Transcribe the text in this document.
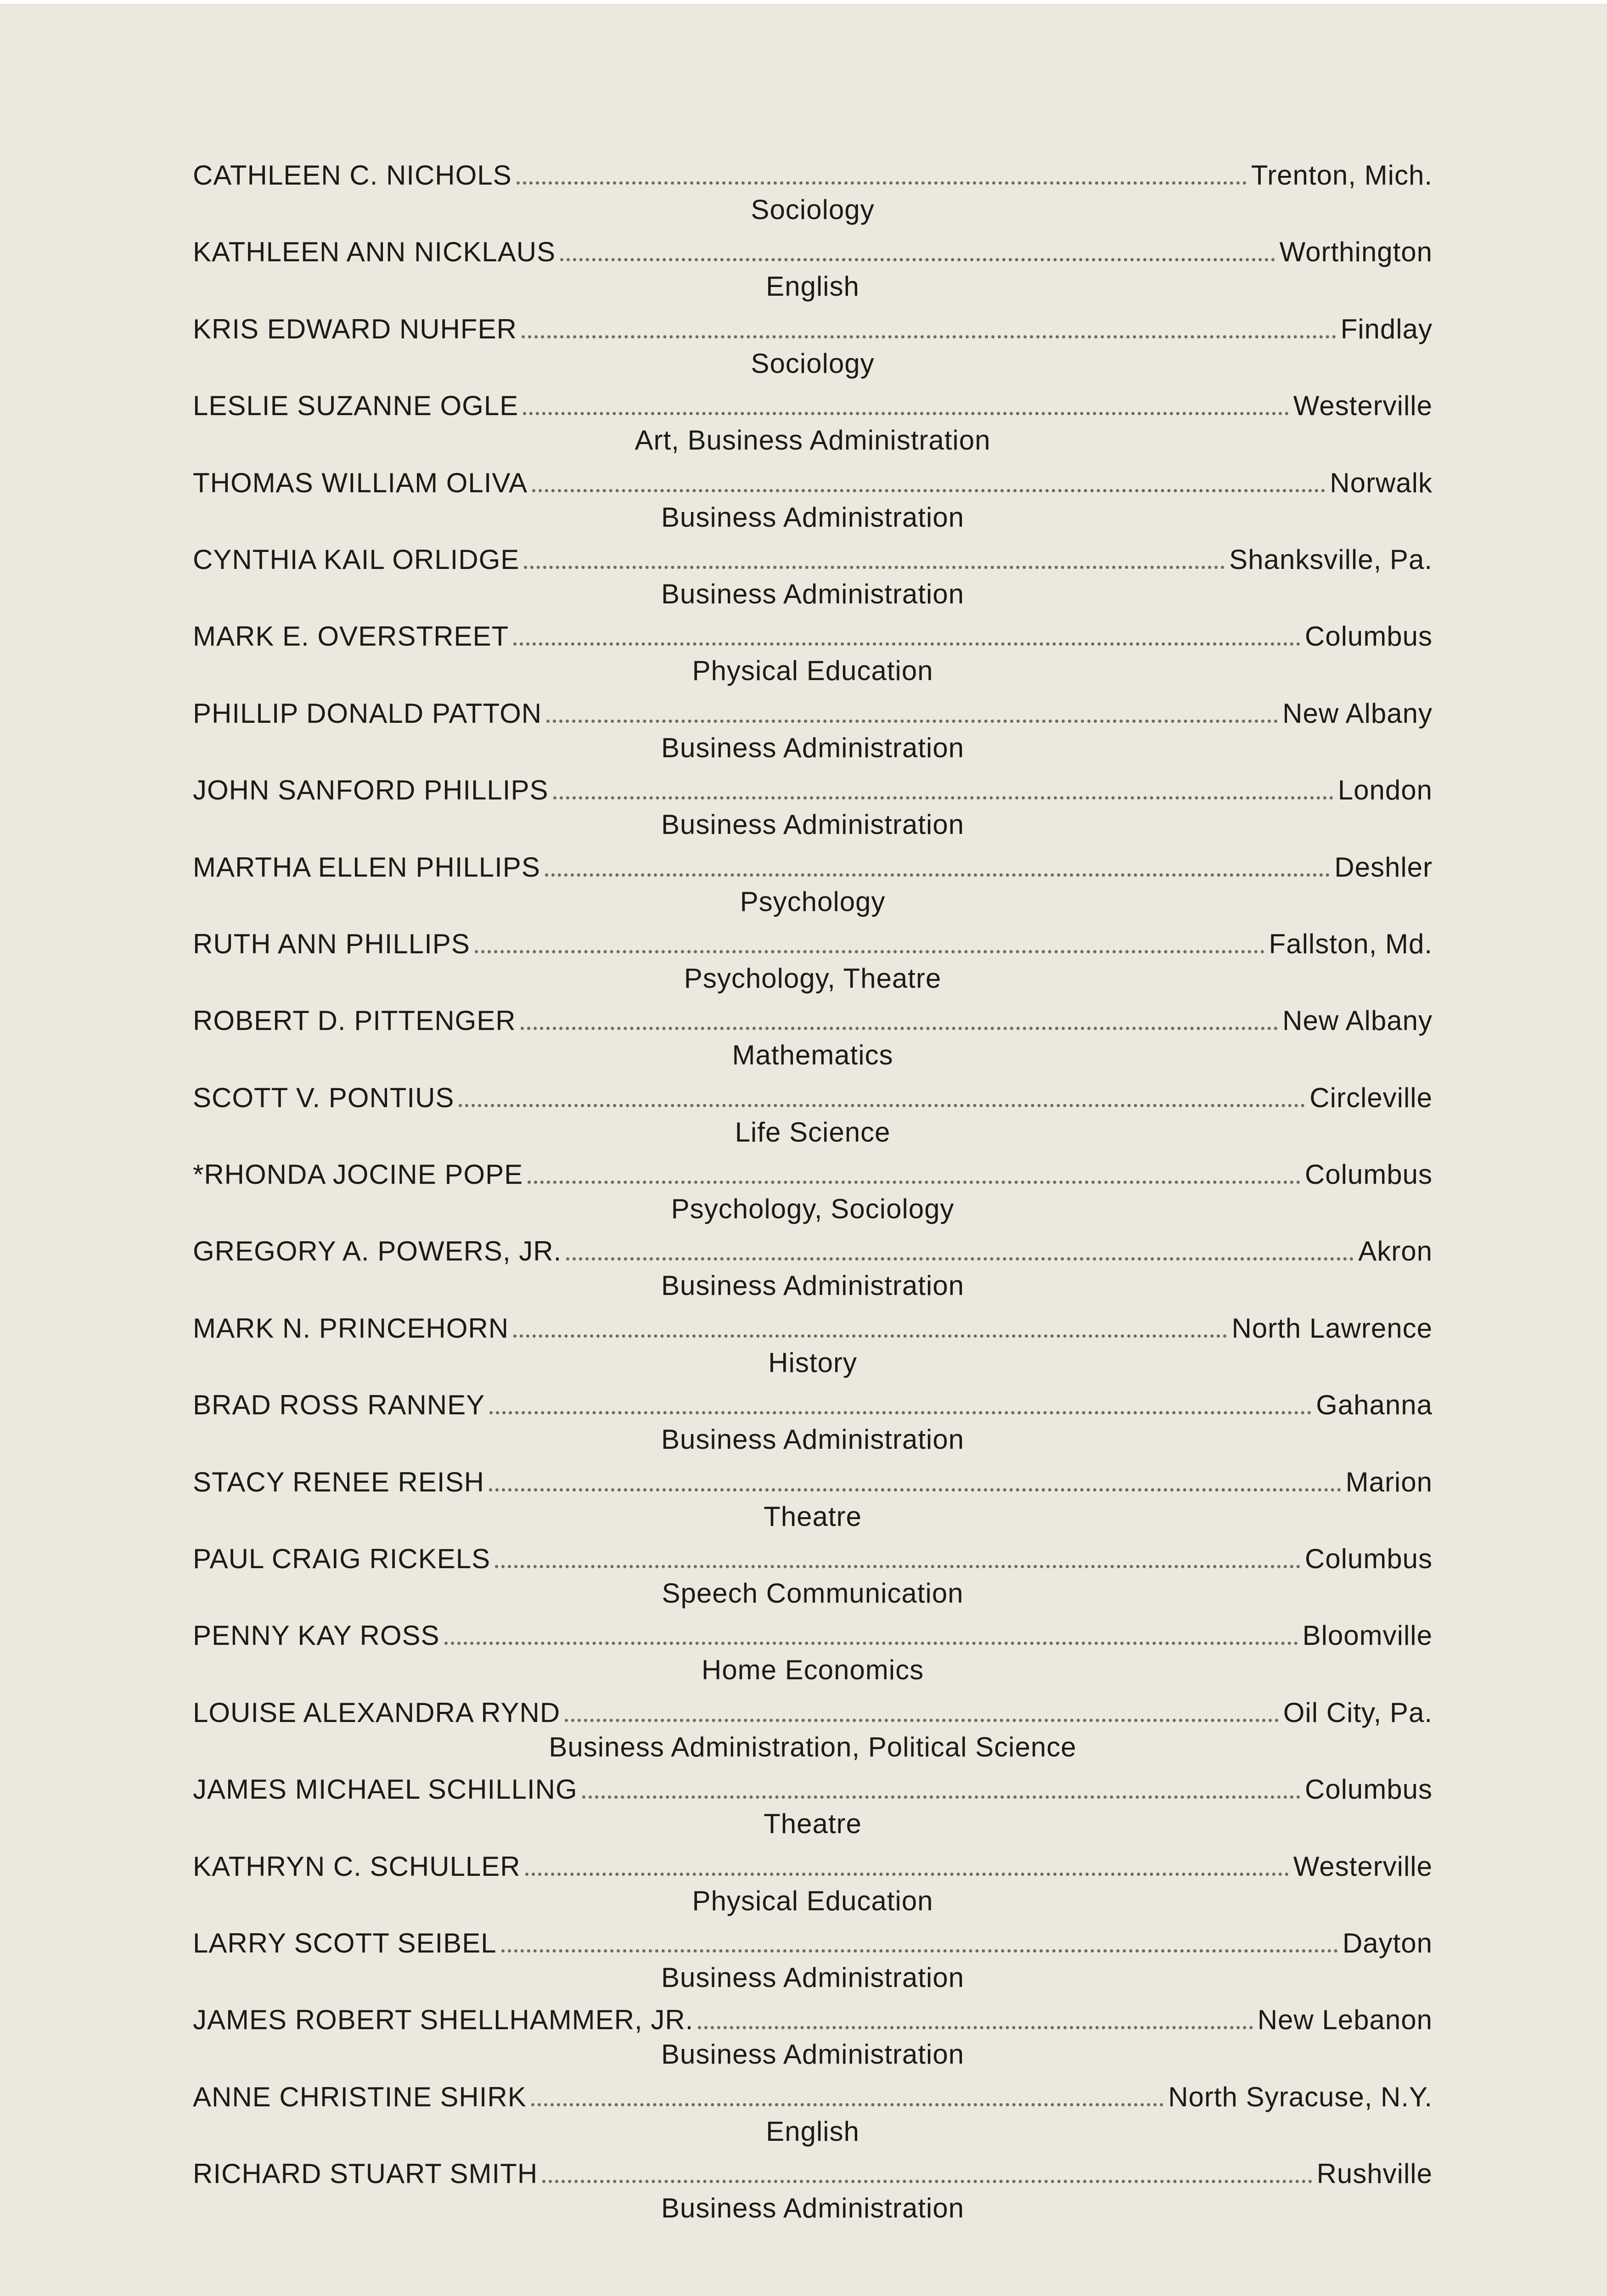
CATHLEEN C. NICHOLS	Trenton, Mich.
Sociology
KATHLEEN ANN NICKLAUS	Worthington
English
KRIS EDWARD NUHFER	Findlay
Sociology
LESLIE SUZANNE OGLE	Westerville
Art, Business Administration
THOMAS WILLIAM OLIVA	Norwalk
Business Administration
CYNTHIA KAIL ORLIDGE	Shanksville, Pa.
Business Administration
MARK E. OVERSTREET	Columbus
Physical Education
PHILLIP DONALD PATTON	New Albany
Business Administration
JOHN SANFORD PHILLIPS	London
Business Administration
MARTHA ELLEN PHILLIPS	Deshler
Psychology
RUTH ANN PHILLIPS	Fallston, Md.
Psychology, Theatre
ROBERT D. PITTENGER	New Albany
Mathematics
SCOTT V. PONTIUS	Circleville
Life Science
*RHONDA JOCINE POPE	Columbus
Psychology, Sociology
GREGORY A. POWERS, JR.	Akron
Business Administration
MARK N. PRINCEHORN	North Lawrence
History
BRAD ROSS RANNEY	Gahanna
Business Administration
STACY RENEE REISH	Marion
Theatre
PAUL CRAIG RICKELS	Columbus
Speech Communication
PENNY KAY ROSS	Bloomville
Home Economics
LOUISE ALEXANDRA RYND	Oil City, Pa.
Business Administration, Political Science
JAMES MICHAEL SCHILLING	Columbus
Theatre
KATHRYN C. SCHULLER	Westerville
Physical Education
LARRY SCOTT SEIBEL	Dayton
Business Administration
JAMES ROBERT SHELLHAMMER, JR.	New Lebanon
Business Administration
ANNE CHRISTINE SHIRK	North Syracuse, N.Y.
English
RICHARD STUART SMITH	Rushville
Business Administration
